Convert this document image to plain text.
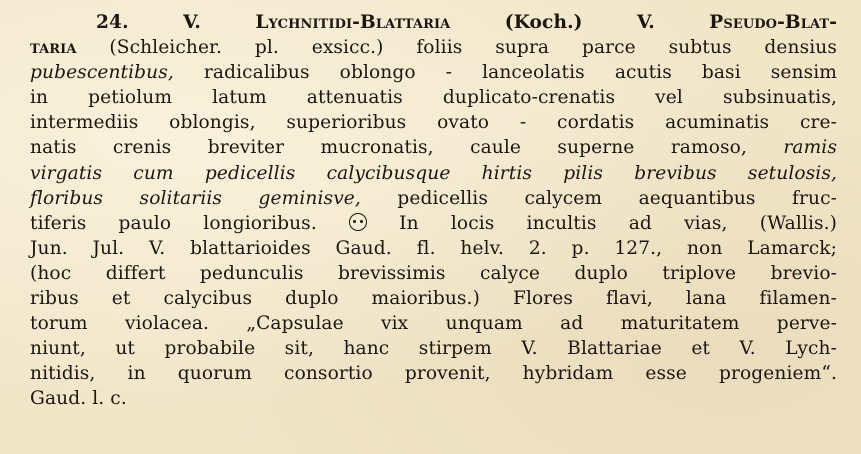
24.	V.	Lychnitidi-Blattaria	(Koch.)	V.	Pseudo-Blat-
taria (Schleicher. pl. exsicc.) foliis supra parce subtus densius
pubescentibus, radicalibus oblongo - lanceolatis acutis basi sensim
in petiolum latum attenuatis duplicato-crenatis vel subsinuatis,
intermediis oblongis, superioribus ovato - cordatis acuminatis cre-
natis crenis breviter mucronatis, caule superne ramoso, ramis
virgatis cum pedicellis calycibusque hirtis pilis brevibus setulosis,
floribus solitariis geminisve, pedicellis calycem aequantibus fruc-
tiferis paulo longioribus.	In locis incultis ad vias, (Wallis.)
Jun. Jul. V. blattarioides Gaud. fl. helv. 2. p. 127., non Lamarck;
(hoc differt pedunculis brevissimis calyce duplo triplove brevio-
ribus et calycibus duplo maioribus.) Flores flavi, lana filamen-
torum violacea. „Capsulae vix unquam ad maturitatem perve-
niunt, ut probabile sit, hanc stirpem V. Blattariae et V. Lych-
nitidis, in quorum consortio provenit, hybridam esse progeniem“.
Gaud. l. c.
